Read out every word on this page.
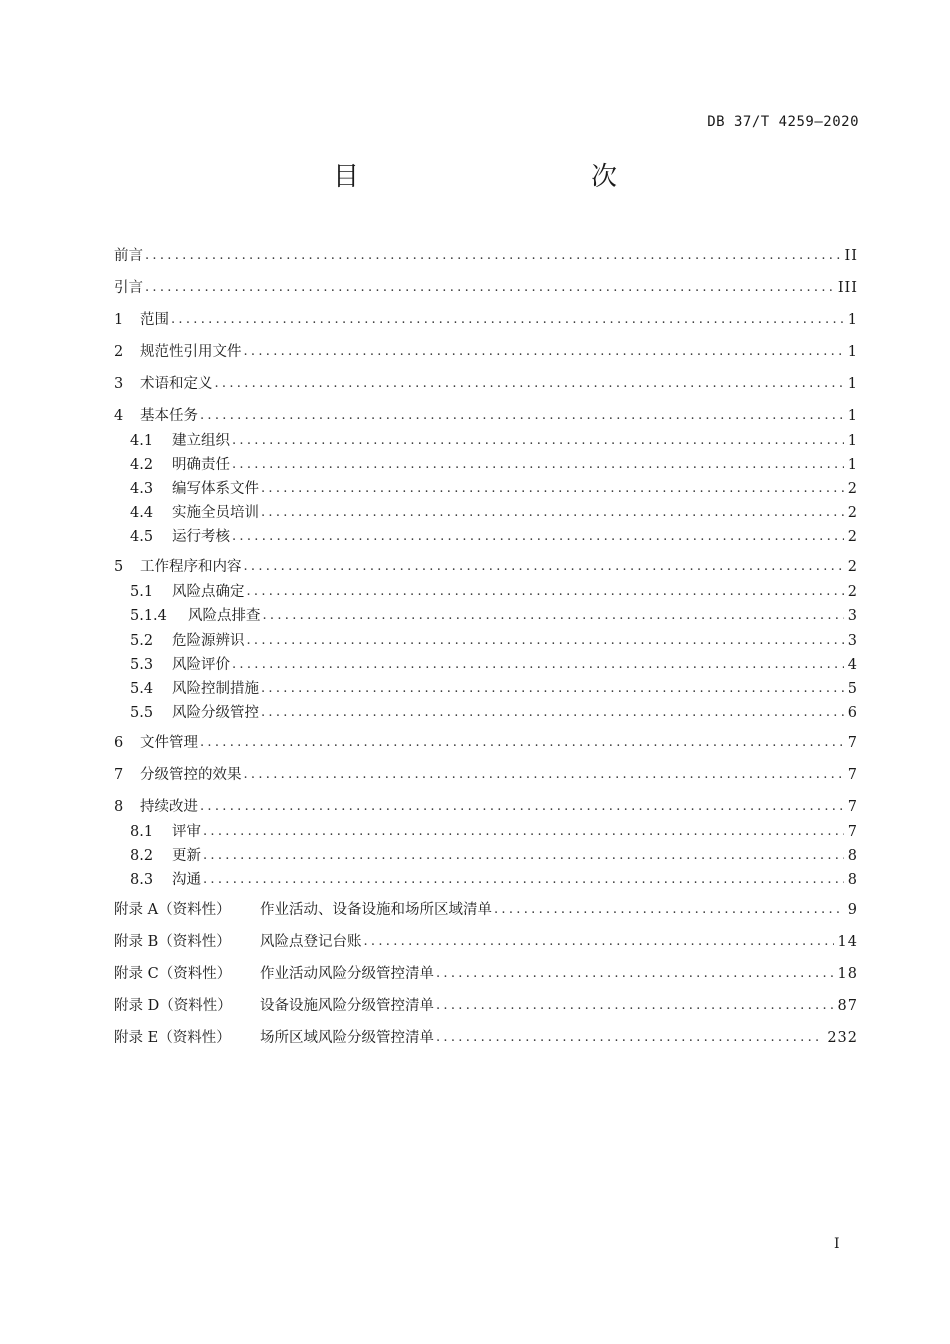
DB 37/T 4259—2020
目　　次
前言 .....	II
引言 .....	III
1	范围 .....	1
2	规范性引用文件 .....	1
3	术语和定义 .....	1
4	基本任务 .....	1
4.1	建立组织 .....	1
4.2	明确责任 .....	1
4.3	编写体系文件 .....	2
4.4	实施全员培训 .....	2
4.5	运行考核 .....	2
5	工作程序和内容 .....	2
5.1	风险点确定 .....	2
5.1.4	风险点排查 .....	3
5.2	危险源辨识 .....	3
5.3	风险评价 .....	4
5.4	风险控制措施 .....	5
5.5	风险分级管控 .....	6
6	文件管理 .....	7
7	分级管控的效果 .....	7
8	持续改进 .....	7
8.1	评审 .....	7
8.2	更新 .....	8
8.3	沟通 .....	8
附录 A（资料性）	作业活动、设备设施和场所区域清单 .....	9
附录 B（资料性）	风险点登记台账 .....	14
附录 C（资料性）	作业活动风险分级管控清单 .....	18
附录 D（资料性）	设备设施风险分级管控清单 .....	87
附录 E（资料性）	场所区域风险分级管控清单 .....	232
I
